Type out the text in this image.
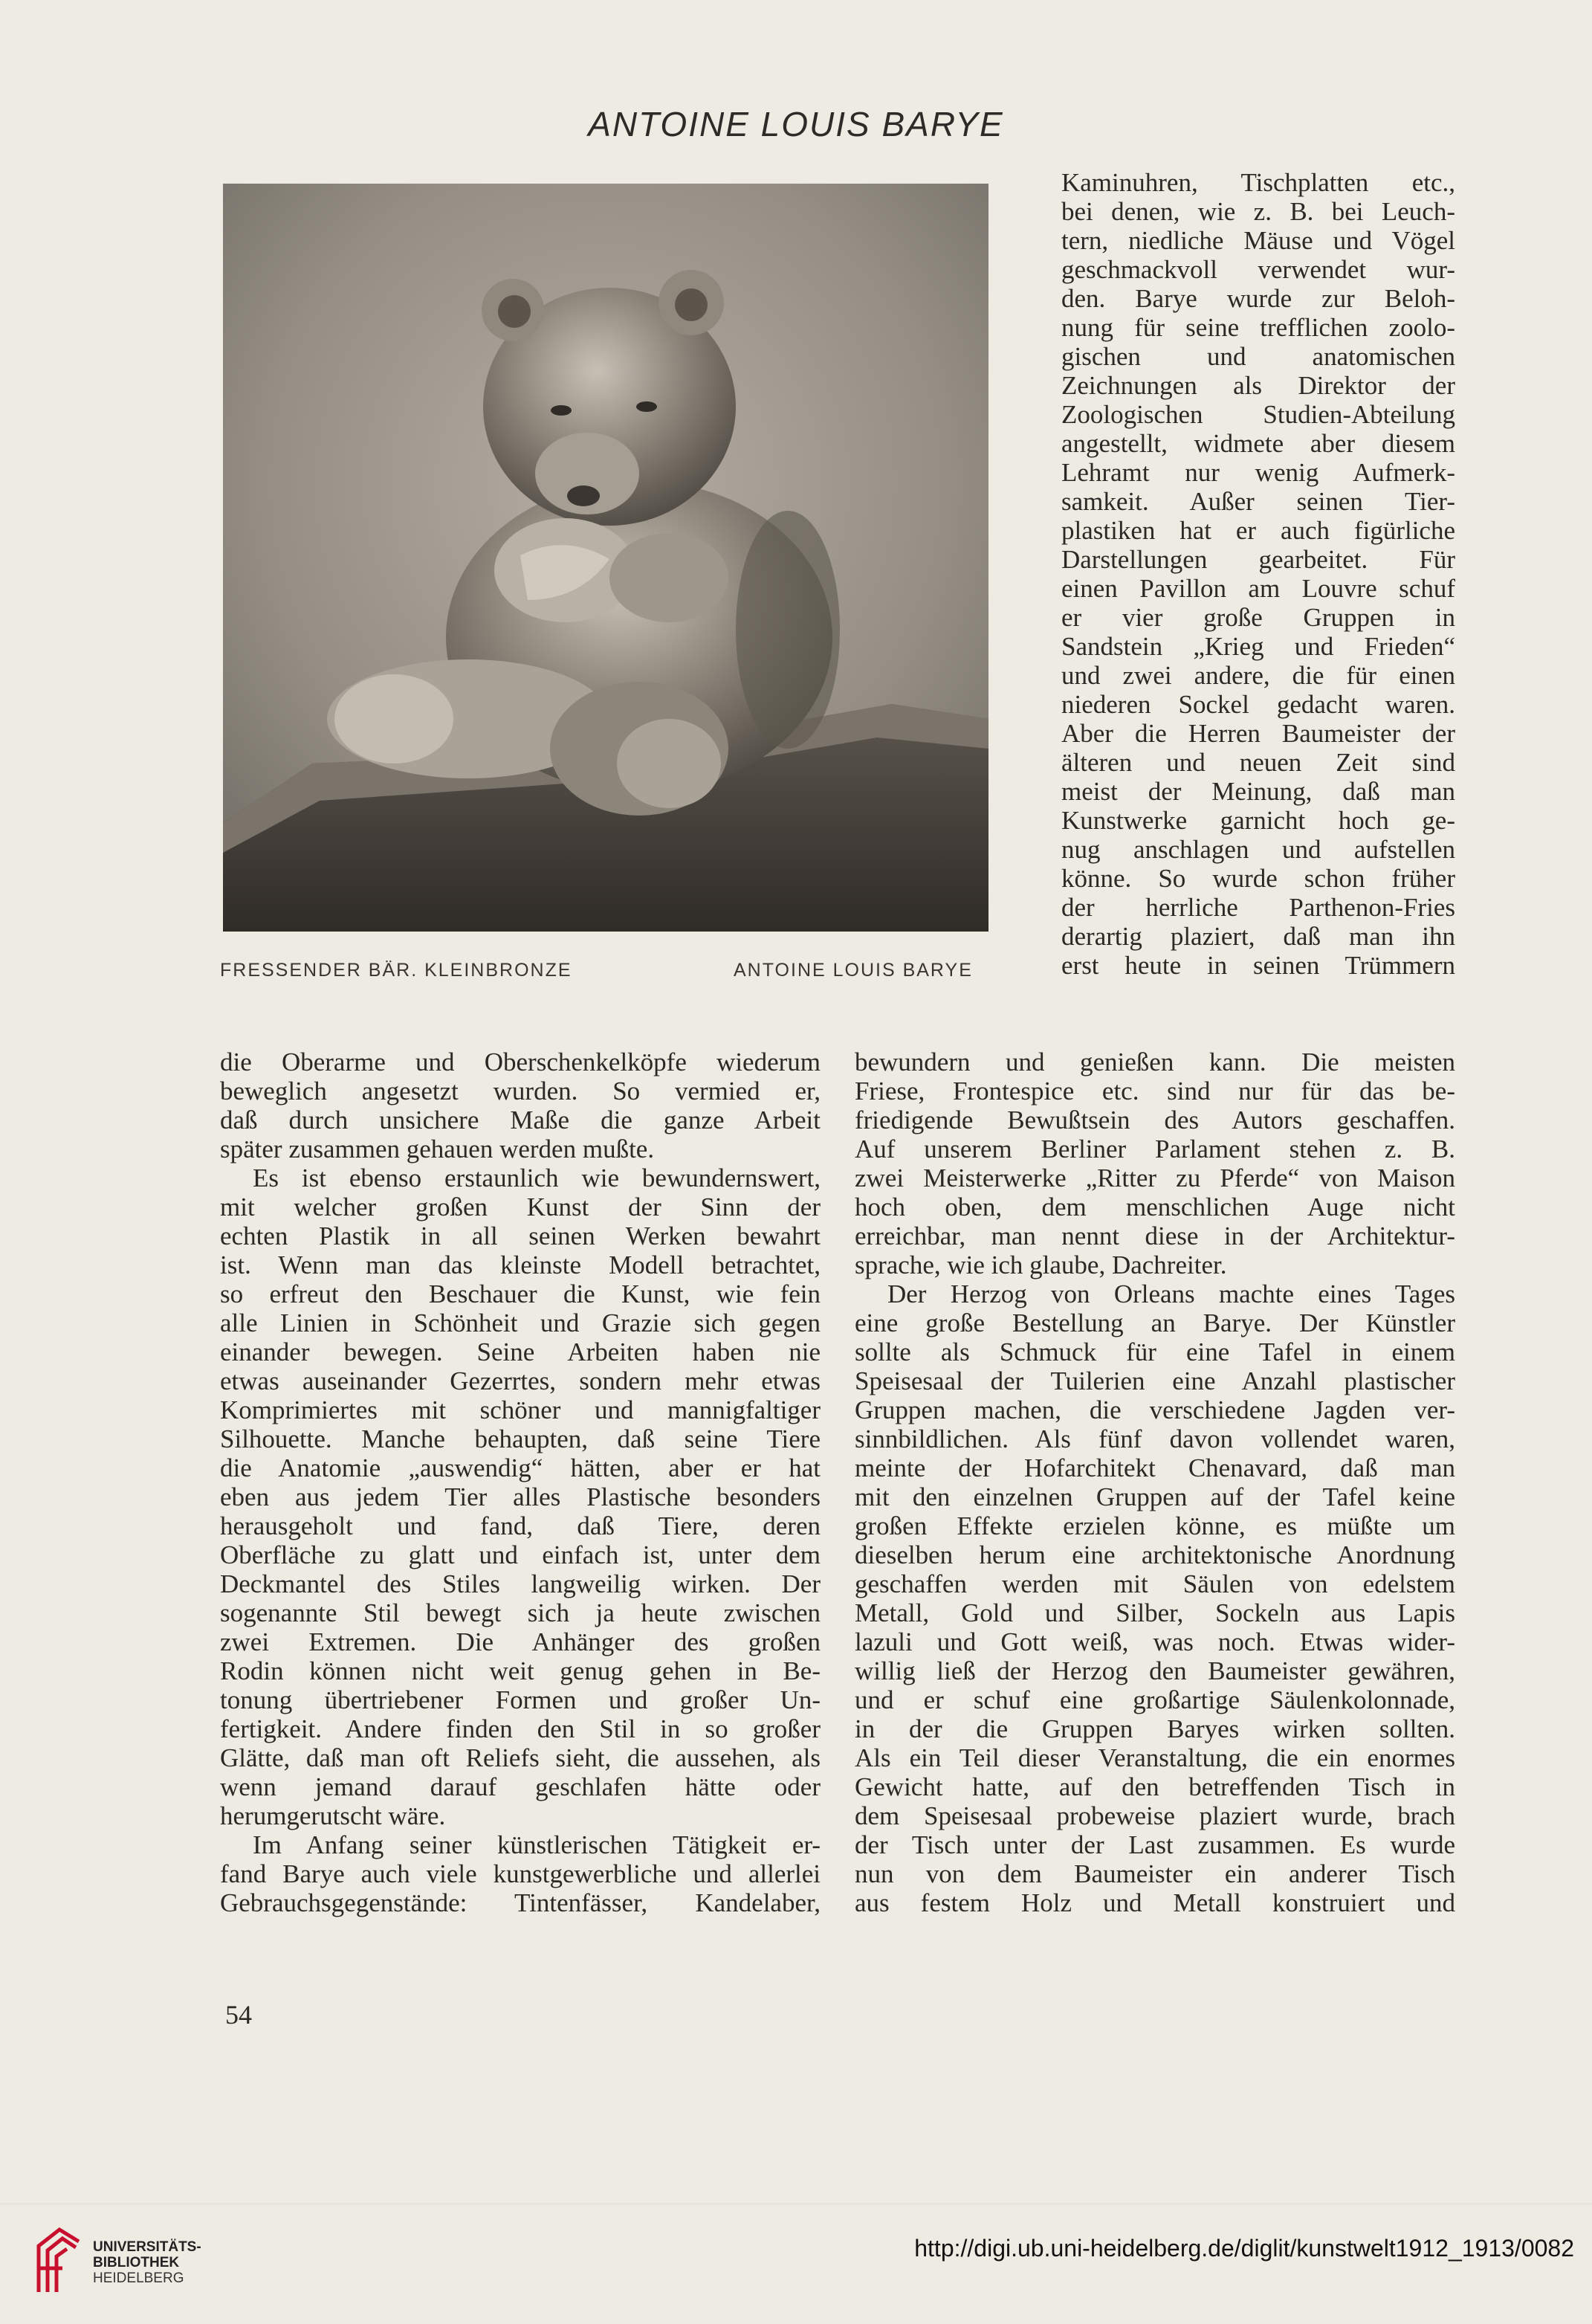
ANTOINE LOUIS BARYE
FRESSENDER BÄR. KLEINBRONZE	ANTOINE LOUIS BARYE
Kaminuhren, Tischplatten etc.,
bei denen, wie z. B. bei Leuch-
tern, niedliche Mäuse und Vögel
geschmackvoll verwendet wur-
den. Barye wurde zur Beloh-
nung für seine trefflichen zoolo-
gischen und anatomischen
Zeichnungen als Direktor der
Zoologischen Studien-Abteilung
angestellt, widmete aber diesem
Lehramt nur wenig Aufmerk-
samkeit. Außer seinen Tier-
plastiken hat er auch figürliche
Darstellungen gearbeitet. Für
einen Pavillon am Louvre schuf
er vier große Gruppen in
Sandstein „Krieg und Frieden“
und zwei andere, die für einen
niederen Sockel gedacht waren.
Aber die Herren Baumeister der
älteren und neuen Zeit sind
meist der Meinung, daß man
Kunstwerke garnicht hoch ge-
nug anschlagen und aufstellen
könne. So wurde schon früher
der herrliche Parthenon-Fries
derartig plaziert, daß man ihn
erst heute in seinen Trümmern
die Oberarme und Oberschenkelköpfe wiederum
beweglich angesetzt wurden. So vermied er,
daß durch unsichere Maße die ganze Arbeit
später zusammen gehauen werden mußte.
Es ist ebenso erstaunlich wie bewundernswert,
mit welcher großen Kunst der Sinn der
echten Plastik in all seinen Werken bewahrt
ist. Wenn man das kleinste Modell betrachtet,
so erfreut den Beschauer die Kunst, wie fein
alle Linien in Schönheit und Grazie sich gegen
einander bewegen. Seine Arbeiten haben nie
etwas auseinander Gezerrtes, sondern mehr etwas
Komprimiertes mit schöner und mannigfaltiger
Silhouette. Manche behaupten, daß seine Tiere
die Anatomie „auswendig“ hätten, aber er hat
eben aus jedem Tier alles Plastische besonders
herausgeholt und fand, daß Tiere, deren
Oberfläche zu glatt und einfach ist, unter dem
Deckmantel des Stiles langweilig wirken. Der
sogenannte Stil bewegt sich ja heute zwischen
zwei Extremen. Die Anhänger des großen
Rodin können nicht weit genug gehen in Be-
tonung übertriebener Formen und großer Un-
fertigkeit. Andere finden den Stil in so großer
Glätte, daß man oft Reliefs sieht, die aussehen, als
wenn jemand darauf geschlafen hätte oder
herumgerutscht wäre.
Im Anfang seiner künstlerischen Tätigkeit er-
fand Barye auch viele kunstgewerbliche und allerlei
Gebrauchsgegenstände: Tintenfässer, Kandelaber,
bewundern und genießen kann. Die meisten
Friese, Frontespice etc. sind nur für das be-
friedigende Bewußtsein des Autors geschaffen.
Auf unserem Berliner Parlament stehen z. B.
zwei Meisterwerke „Ritter zu Pferde“ von Maison
hoch oben, dem menschlichen Auge nicht
erreichbar, man nennt diese in der Architektur-
sprache, wie ich glaube, Dachreiter.
Der Herzog von Orleans machte eines Tages
eine große Bestellung an Barye. Der Künstler
sollte als Schmuck für eine Tafel in einem
Speisesaal der Tuilerien eine Anzahl plastischer
Gruppen machen, die verschiedene Jagden ver-
sinnbildlichen. Als fünf davon vollendet waren,
meinte der Hofarchitekt Chenavard, daß man
mit den einzelnen Gruppen auf der Tafel keine
großen Effekte erzielen könne, es müßte um
dieselben herum eine architektonische Anordnung
geschaffen werden mit Säulen von edelstem
Metall, Gold und Silber, Sockeln aus Lapis
lazuli und Gott weiß, was noch. Etwas wider-
willig ließ der Herzog den Baumeister gewähren,
und er schuf eine großartige Säulenkolonnade,
in der die Gruppen Baryes wirken sollten.
Als ein Teil dieser Veranstaltung, die ein enormes
Gewicht hatte, auf den betreffenden Tisch in
dem Speisesaal probeweise plaziert wurde, brach
der Tisch unter der Last zusammen. Es wurde
nun von dem Baumeister ein anderer Tisch
aus festem Holz und Metall konstruiert und
54
UNIVERSITÄTS-
BIBLIOTHEK
HEIDELBERG
http://digi.ub.uni-heidelberg.de/diglit/kunstwelt1912_1913/0082
